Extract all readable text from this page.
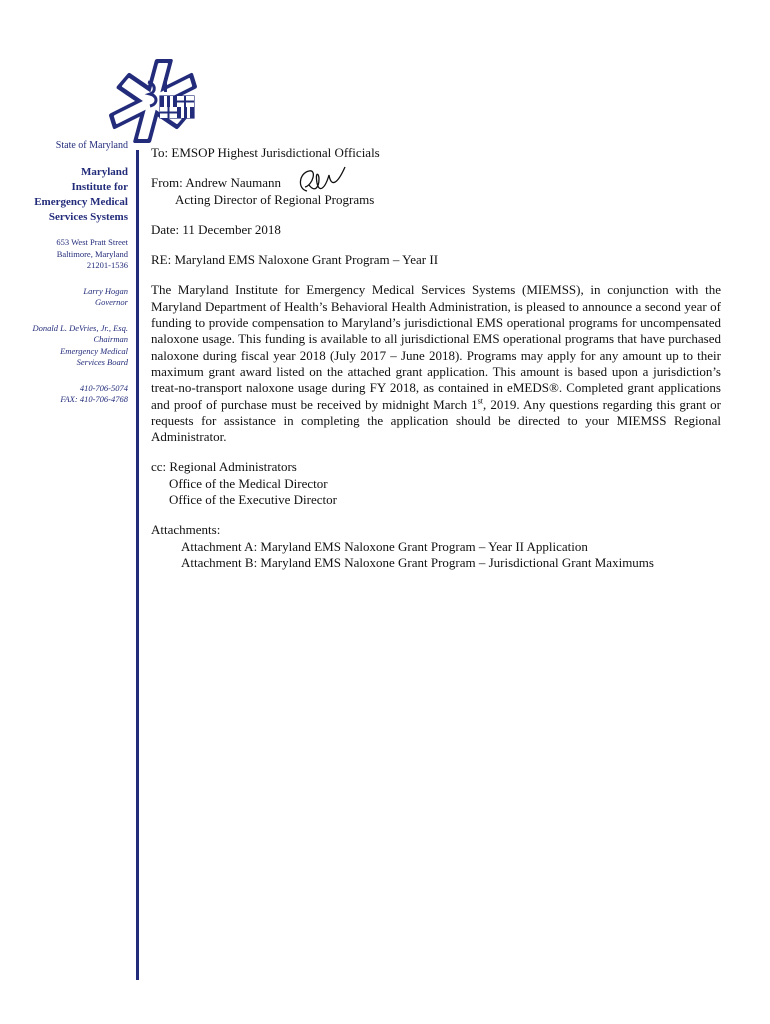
State of Maryland
Maryland
Institute for
Emergency Medical
Services Systems
653 West Pratt Street
Baltimore, Maryland
21201-1536
Larry Hogan
Governor
Donald L. DeVries, Jr., Esq.
Chairman
Emergency Medical
Services Board
410-706-5074
FAX: 410-706-4768

To: EMSOP Highest Jurisdictional Officials

From: Andrew Naumann

Acting Director of Regional Programs

Date: 11 December 2018

RE: Maryland EMS Naloxone Grant Program – Year II

The Maryland Institute for Emergency Medical Services Systems (MIEMSS), in conjunction with the Maryland Department of Health’s Behavioral Health Administration, is pleased to announce a second year of funding to provide compensation to Maryland’s jurisdictional EMS operational programs for uncompensated naloxone usage. This funding is available to all jurisdictional EMS operational programs that have purchased naloxone during fiscal year 2018 (July 2017 – June 2018). Programs may apply for any amount up to their maximum grant award listed on the attached grant application. This amount is based upon a jurisdiction’s treat-no-transport naloxone usage during FY 2018, as contained in eMEDS®. Completed grant applications and proof of purchase must be received by midnight March 1st, 2019. Any questions regarding this grant or requests for assistance in completing the application should be directed to your MIEMSS Regional Administrator.

cc: Regional Administrators

Office of the Medical Director

Office of the Executive Director

Attachments:

Attachment A: Maryland EMS Naloxone Grant Program – Year II Application

Attachment B: Maryland EMS Naloxone Grant Program – Jurisdictional Grant Maximums
